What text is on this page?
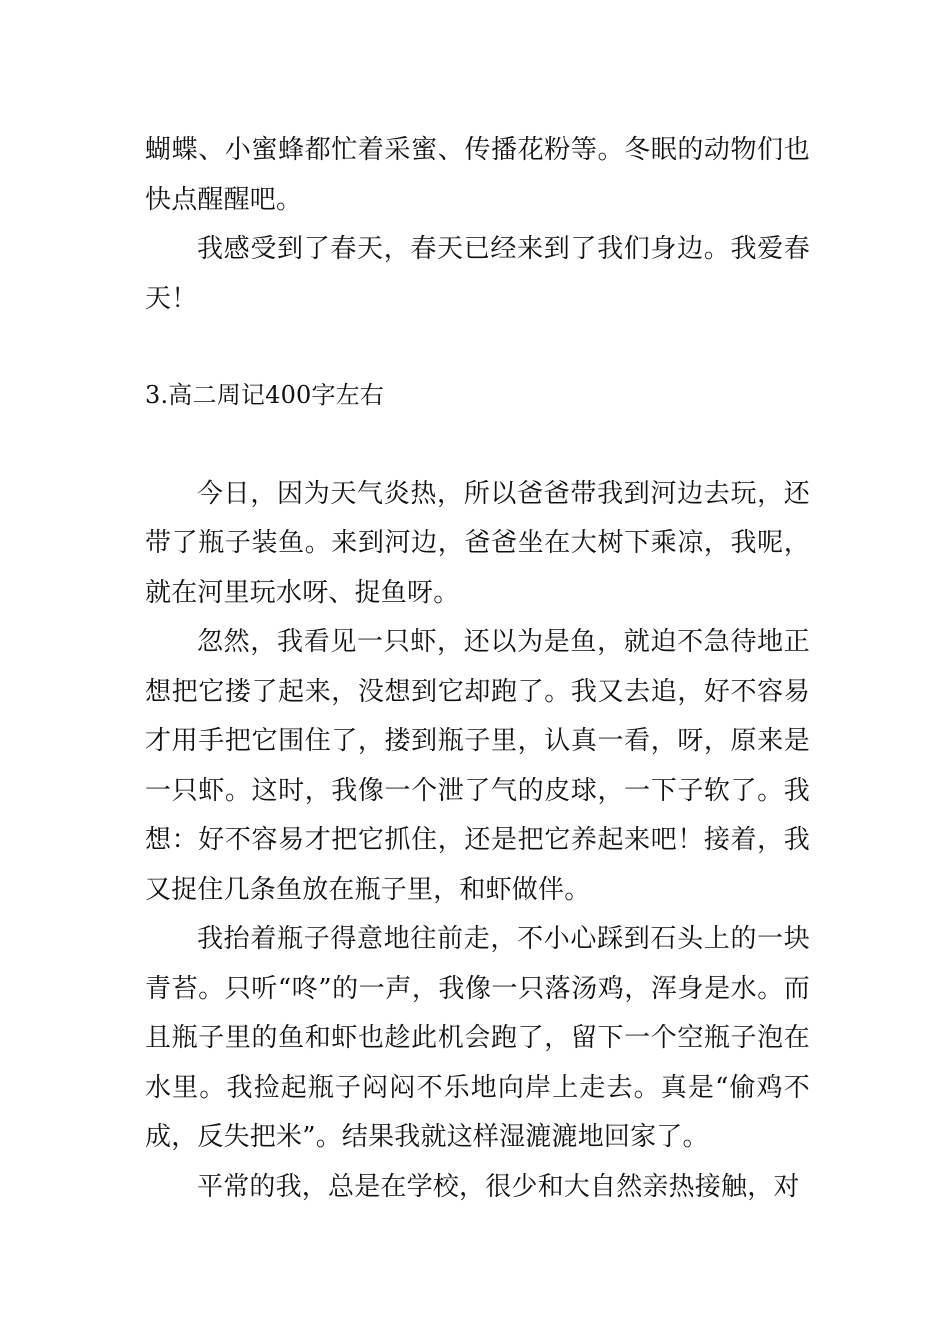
蝴蝶、小蜜蜂都忙着采蜜、传播花粉等。冬眠的动物们也快点醒醒吧。

我感受到了春天，春天已经来到了我们身边。我爱春天！

3.高二周记400字左右

今日，因为天气炎热，所以爸爸带我到河边去玩，还带了瓶子装鱼。来到河边，爸爸坐在大树下乘凉，我呢，就在河里玩水呀、捉鱼呀。

忽然，我看见一只虾，还以为是鱼，就迫不急待地正想把它搂了起来，没想到它却跑了。我又去追，好不容易才用手把它围住了，搂到瓶子里，认真一看，呀，原来是一只虾。这时，我像一个泄了气的皮球，一下子软了。我想：好不容易才把它抓住，还是把它养起来吧！接着，我又捉住几条鱼放在瓶子里，和虾做伴。

我抬着瓶子得意地往前走，不小心踩到石头上的一块青苔。只听“咚”的一声，我像一只落汤鸡，浑身是水。而且瓶子里的鱼和虾也趁此机会跑了，留下一个空瓶子泡在水里。我捡起瓶子闷闷不乐地向岸上走去。真是“偷鸡不成，反失把米”。结果我就这样湿漉漉地回家了。

平常的我，总是在学校，很少和大自然亲热接触，对
